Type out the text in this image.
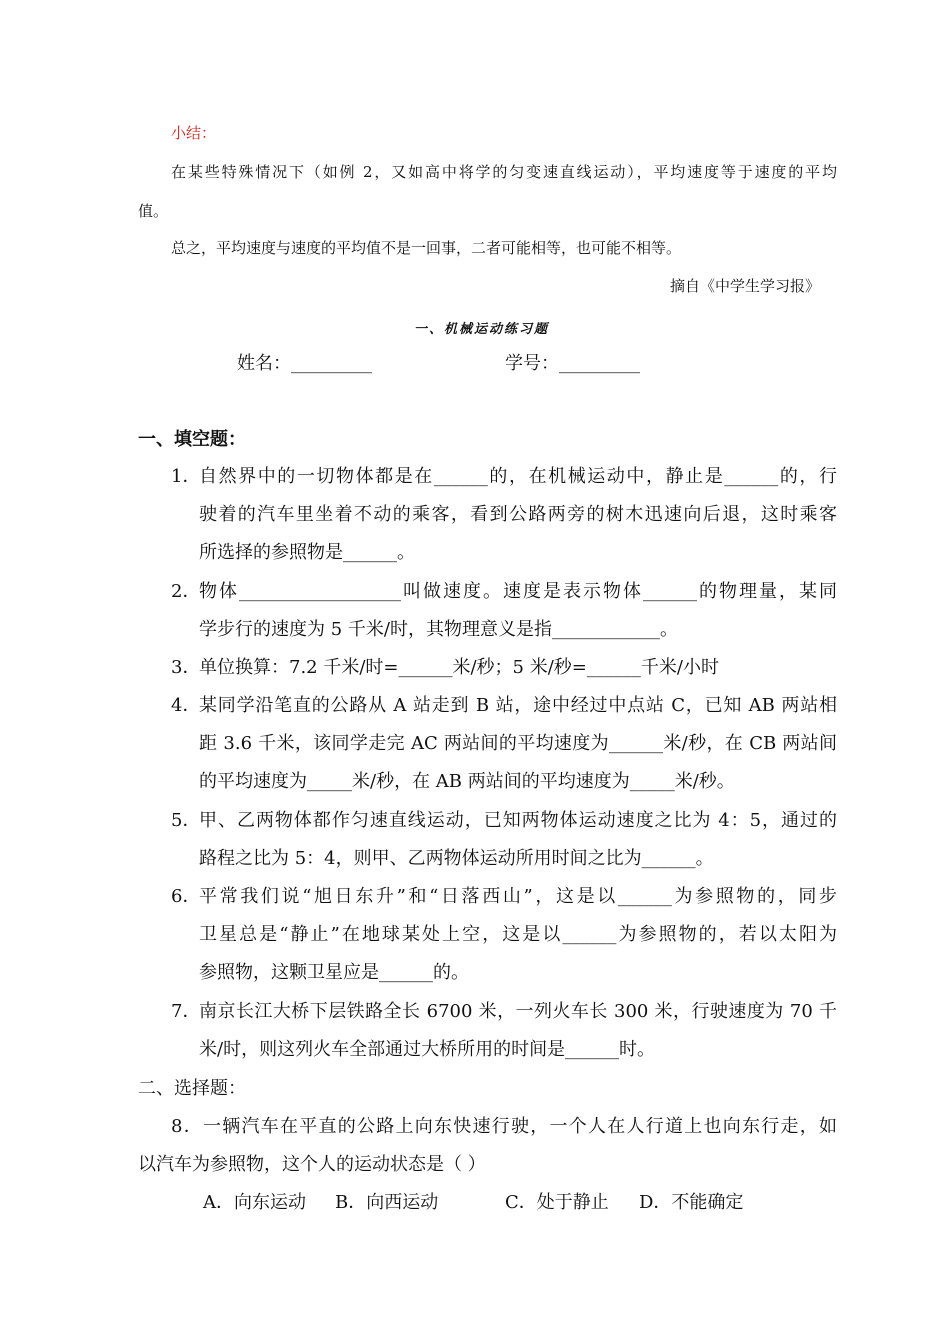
小结：
在某些特殊情况下（如例 2，又如高中将学的匀变速直线运动），平均速度等于速度的平均
值。
总之，平均速度与速度的平均值不是一回事，二者可能相等，也可能不相等。
摘自《中学生学习报》
一、机械运动练习题
姓名：_________	学号：_________
一、填空题：
1．
自然界中的一切物体都是在______的，在机械运动中，静止是______的，行
驶着的汽车里坐着不动的乘客，看到公路两旁的树木迅速向后退，这时乘客
所选择的参照物是______。
2．
物体__________________叫做速度。速度是表示物体______的物理量，某同
学步行的速度为 5 千米/时，其物理意义是指____________。
3．
单位换算：7.2 千米/时=______米/秒；5 米/秒=______千米/小时
4．
某同学沿笔直的公路从 A 站走到 B 站，途中经过中点站 C，已知 AB 两站相
距 3.6 千米，该同学走完 AC 两站间的平均速度为______米/秒，在 CB 两站间
的平均速度为_____米/秒，在 AB 两站间的平均速度为_____米/秒。
5．
甲、乙两物体都作匀速直线运动，已知两物体运动速度之比为 4：5，通过的
路程之比为 5：4，则甲、乙两物体运动所用时间之比为______。
6．
平常我们说“旭日东升”和“日落西山”，这是以______为参照物的，同步
卫星总是“静止”在地球某处上空，这是以______为参照物的，若以太阳为
参照物，这颗卫星应是______的。
7．
南京长江大桥下层铁路全长 6700 米，一列火车长 300 米，行驶速度为 70 千
米/时，则这列火车全部通过大桥所用的时间是______时。
二、选择题：
8．一辆汽车在平直的公路上向东快速行驶，一个人在人行道上也向东行走，如
以汽车为参照物，这个人的运动状态是（ ）
A．向东运动 B．向西运动	C．处于静止 D．不能确定
